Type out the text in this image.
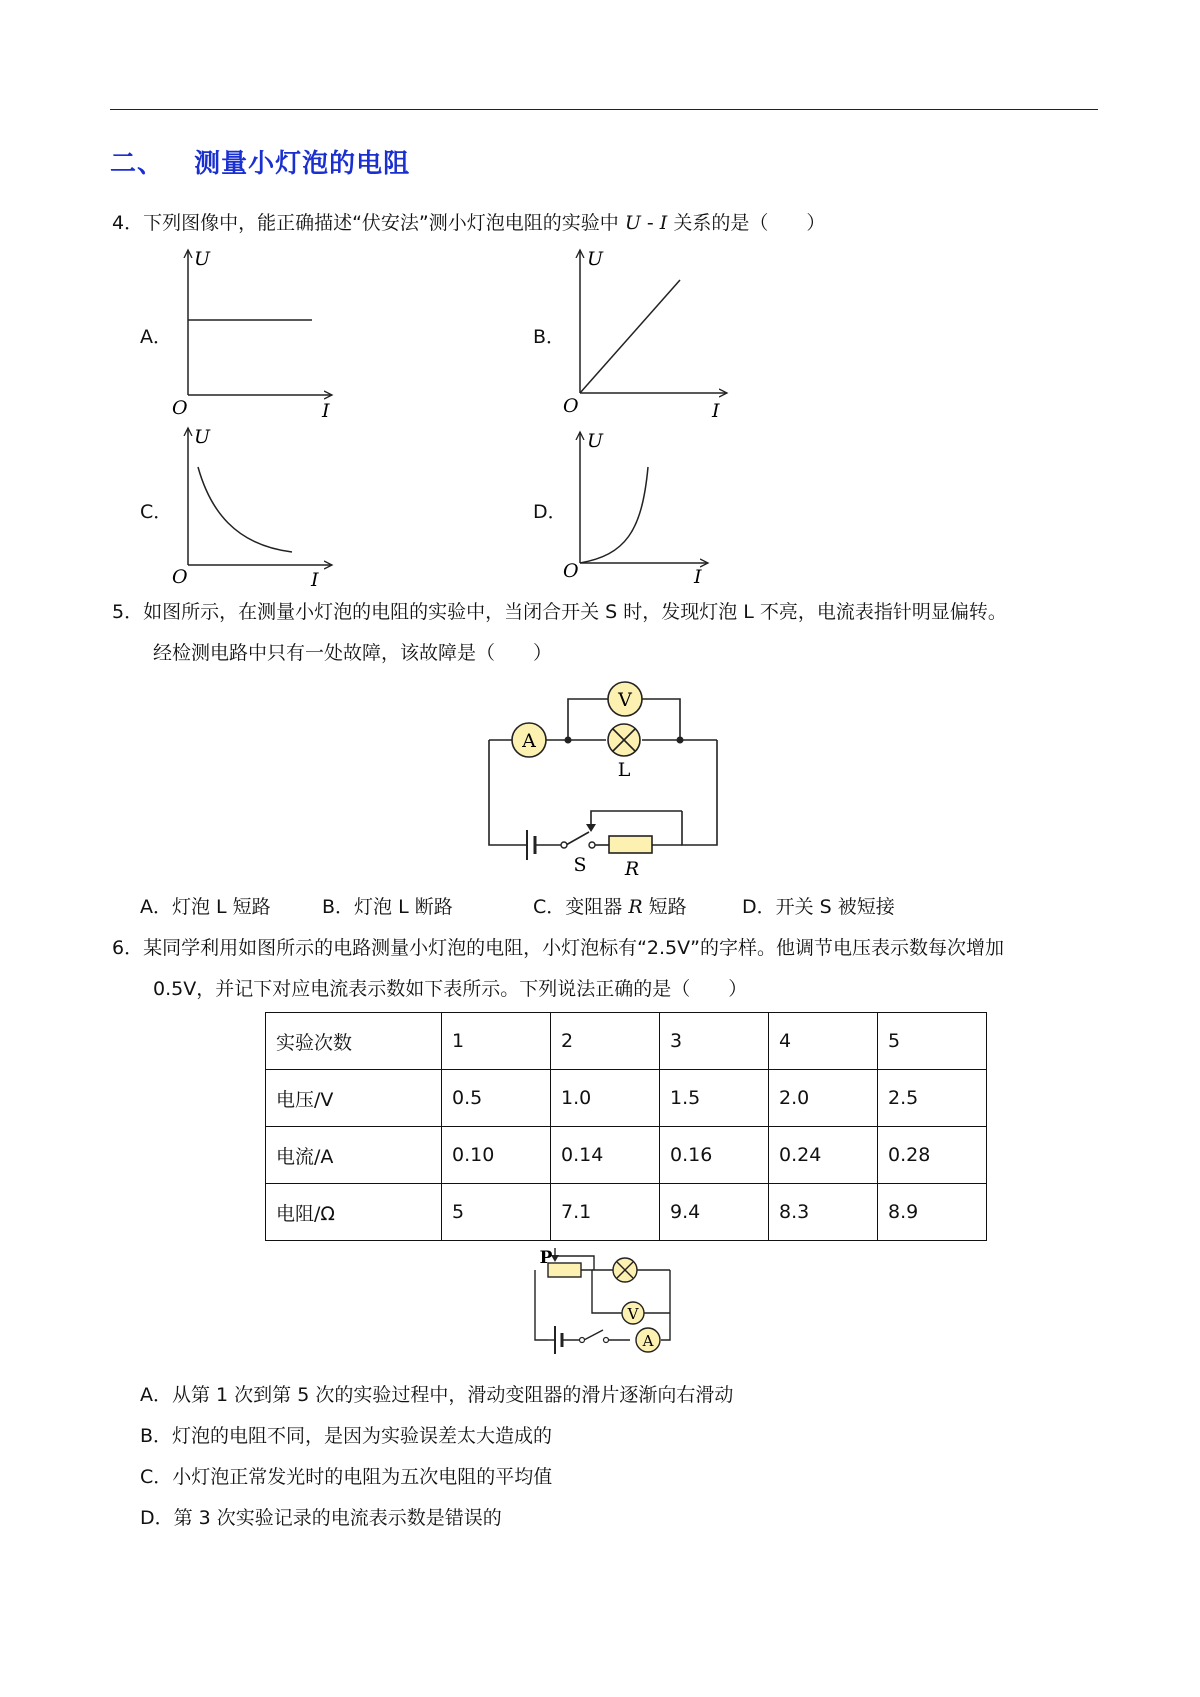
二、 测量小灯泡的电阻
4．下列图像中，能正确描述“伏安法”测小灯泡电阻的实验中 U - I 关系的是（　　）
A．	B．
C．	D．
U
I
O
U
I
O
U
I
O
U
I
O
5．如图所示，在测量小灯泡的电阻的实验中，当闭合开关 S 时，发现灯泡 L 不亮，电流表指针明显偏转。
经检测电路中只有一处故障，该故障是（　　）
V
A
L
S R
A．灯泡 L 短路	B．灯泡 L 断路	C．变阻器 R 短路	D．开关 S 被短接
6．某同学利用如图所示的电路测量小灯泡的电阻，小灯泡标有“2.5V”的字样。他调节电压表示数每次增加
0.5V，并记下对应电流表示数如下表所示。下列说法正确的是（　　）
实验次数	1	2	3	4	5
电压/V	0.5	1.0	1.5	2.0	2.5
电流/A	0.10	0.14	0.16	0.24	0.28
电阻/Ω	5	7.1	9.4	8.3	8.9
P
V
A
A．从第 1 次到第 5 次的实验过程中，滑动变阻器的滑片逐渐向右滑动
B．灯泡的电阻不同，是因为实验误差太大造成的
C．小灯泡正常发光时的电阻为五次电阻的平均值
D．第 3 次实验记录的电流表示数是错误的
